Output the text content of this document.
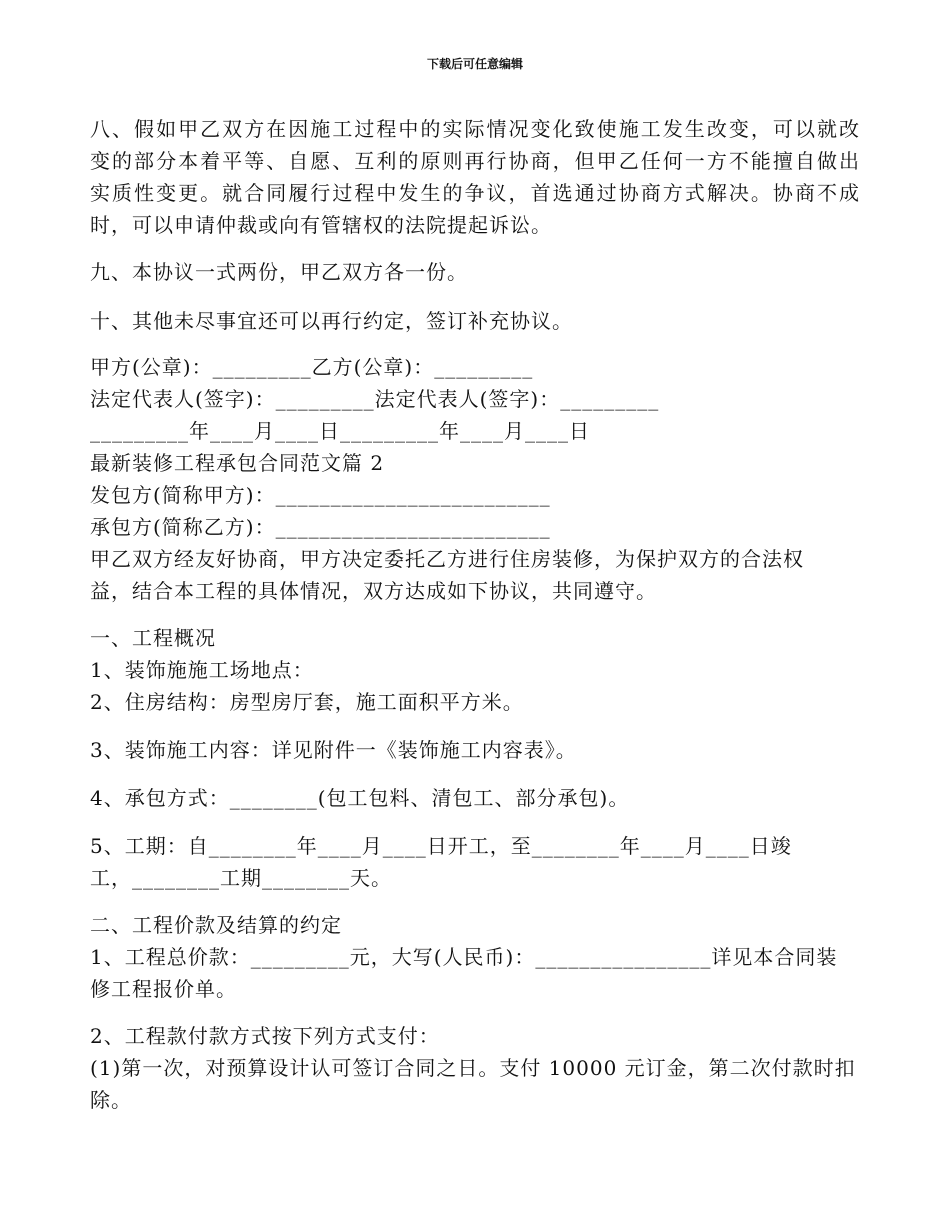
下载后可任意编辑
八、假如甲乙双方在因施工过程中的实际情况变化致使施工发生改变，可以就改
变的部分本着平等、自愿、互利的原则再行协商，但甲乙任何一方不能擅自做出
实质性变更。就合同履行过程中发生的争议，首选通过协商方式解决。协商不成
时，可以申请仲裁或向有管辖权的法院提起诉讼。
九、本协议一式两份，甲乙双方各一份。
十、其他未尽事宜还可以再行约定，签订补充协议。
甲方(公章)：_________乙方(公章)：_________
法定代表人(签字)：_________法定代表人(签字)：_________
_________年____月____日_________年____月____日
最新装修工程承包合同范文篇 2
发包方(简称甲方)：_________________________
承包方(简称乙方)：_________________________
甲乙双方经友好协商，甲方决定委托乙方进行住房装修，为保护双方的合法权
益，结合本工程的具体情况，双方达成如下协议，共同遵守。
一、工程概况
1、装饰施施工场地点：
2、住房结构：房型房厅套，施工面积平方米。
3、装饰施工内容：详见附件一《装饰施工内容表》。
4、承包方式：________(包工包料、清包工、部分承包)。
5、工期：自________年____月____日开工，至________年____月____日竣
工，________工期________天。
二、工程价款及结算的约定
1、工程总价款：_________元，大写(人民币)：________________详见本合同装
修工程报价单。
2、工程款付款方式按下列方式支付：
(1)第一次，对预算设计认可签订合同之日。支付 10000 元订金，第二次付款时扣
除。
